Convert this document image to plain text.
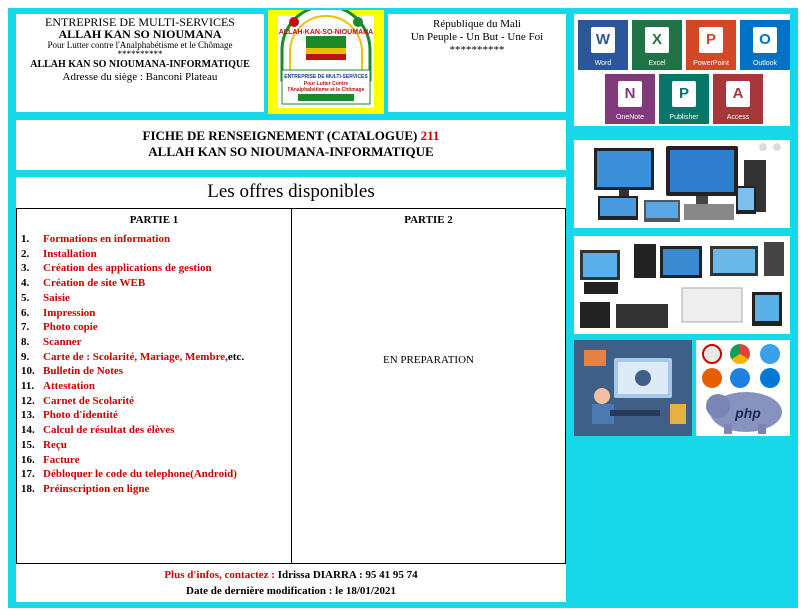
ENTREPRISE DE MULTI-SERVICES
ALLAH KAN SO NIOUMANA
Pour Lutter contre l'Analphabétisme et le Chômage
**********
ALLAH KAN SO NIOUMANA-INFORMATIQUE
Adresse du siège : Banconi Plateau
ALLAH-KAN-SO-NIOUMANA
ENTREPRISE DE MULTI-SERVICES
Pour Lutter Contre
l'Analphabétisme et le Chômage
République du Mali
Un Peuple - Un But - Une Foi
**********
FICHE DE RENSEIGNEMENT (CATALOGUE) 211
ALLAH KAN SO NIOUMANA-INFORMATIQUE
Les offres disponibles
PARTIE 1
1.	Formations en information
2.	Installation
3.	Création des applications de gestion
4.	Création de site WEB
5.	Saisie
6.	Impression
7.	Photo copie
8.	Scanner
9.	Carte de : Scolarité, Mariage, Membre, etc.
10. Bulletin de Notes
11. Attestation
12. Carnet de Scolarité
13. Photo d'identité
14. Calcul de résultat des élèves
15. Reçu
16. Facture
17. Débloquer le code du telephone(Android)
18. Préinscription en ligne
PARTIE 2
EN PREPARATION
Plus d'infos, contactez : Idrissa DIARRA : 95 41 95 74
Date de dernière modification : le 18/01/2021
W
Word
X
Excel
P
PowerPoint
O
Outlook
N
OneNote
P
Publisher
A
Access
php
